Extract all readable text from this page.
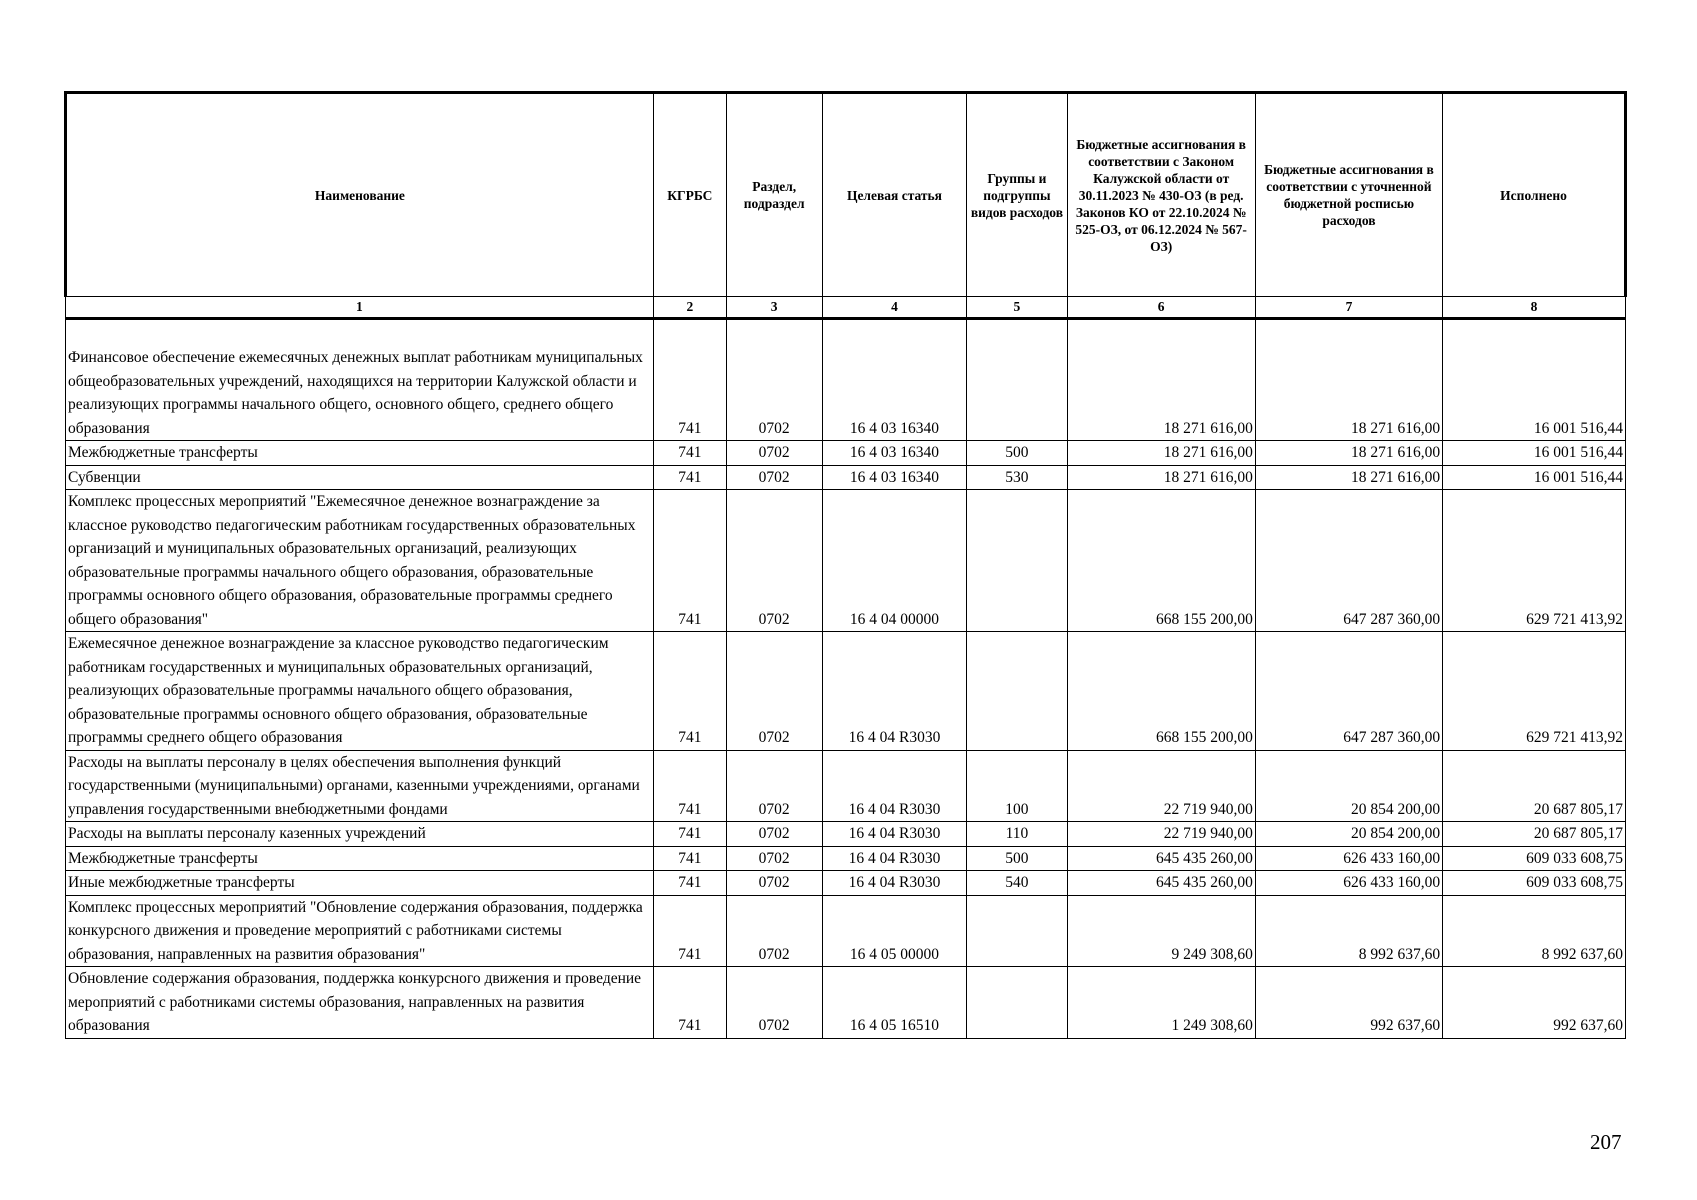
Наименование	КГРБС	Раздел, подраздел	Целевая статья	Группы и подгруппы видов расходов	Бюджетные ассигнования в соответствии с Законом Калужской области от 30.11.2023 № 430-ОЗ (в ред. Законов КО от 22.10.2024 № 525-ОЗ, от 06.12.2024 № 567-ОЗ)	Бюджетные ассигнования в соответствии с уточненной бюджетной росписью расходов	Исполнено
1	2	3	4	5	6	7	8
Финансовое обеспечение ежемесячных денежных выплат работникам муниципальных общеобразовательных учреждений, находящихся на территории Калужской области и реализующих программы начального общего, основного общего, среднего общего образования	741	0702	16 4 03 16340		18 271 616,00	18 271 616,00	16 001 516,44
Межбюджетные трансферты	741	0702	16 4 03 16340	500	18 271 616,00	18 271 616,00	16 001 516,44
Субвенции	741	0702	16 4 03 16340	530	18 271 616,00	18 271 616,00	16 001 516,44
Комплекс процессных мероприятий "Ежемесячное денежное вознаграждение за классное руководство педагогическим работникам государственных образовательных организаций и муниципальных образовательных организаций, реализующих образовательные программы начального общего образования, образовательные программы основного общего образования, образовательные программы среднего общего образования"	741	0702	16 4 04 00000		668 155 200,00	647 287 360,00	629 721 413,92
Ежемесячное денежное вознаграждение за классное руководство педагогическим работникам государственных и муниципальных образовательных организаций, реализующих образовательные программы начального общего образования, образовательные программы основного общего образования, образовательные программы среднего общего образования	741	0702	16 4 04 R3030		668 155 200,00	647 287 360,00	629 721 413,92
Расходы на выплаты персоналу в целях обеспечения выполнения функций государственными (муниципальными) органами, казенными учреждениями, органами управления государственными внебюджетными фондами	741	0702	16 4 04 R3030	100	22 719 940,00	20 854 200,00	20 687 805,17
Расходы на выплаты персоналу казенных учреждений	741	0702	16 4 04 R3030	110	22 719 940,00	20 854 200,00	20 687 805,17
Межбюджетные трансферты	741	0702	16 4 04 R3030	500	645 435 260,00	626 433 160,00	609 033 608,75
Иные межбюджетные трансферты	741	0702	16 4 04 R3030	540	645 435 260,00	626 433 160,00	609 033 608,75
Комплекс процессных мероприятий "Обновление содержания образования, поддержка конкурсного движения и проведение мероприятий с работниками системы образования, направленных на развития образования"	741	0702	16 4 05 00000		9 249 308,60	8 992 637,60	8 992 637,60
Обновление содержания образования, поддержка конкурсного движения и проведение мероприятий с работниками системы образования, направленных на развития образования	741	0702	16 4 05 16510		1 249 308,60	992 637,60	992 637,60
207
